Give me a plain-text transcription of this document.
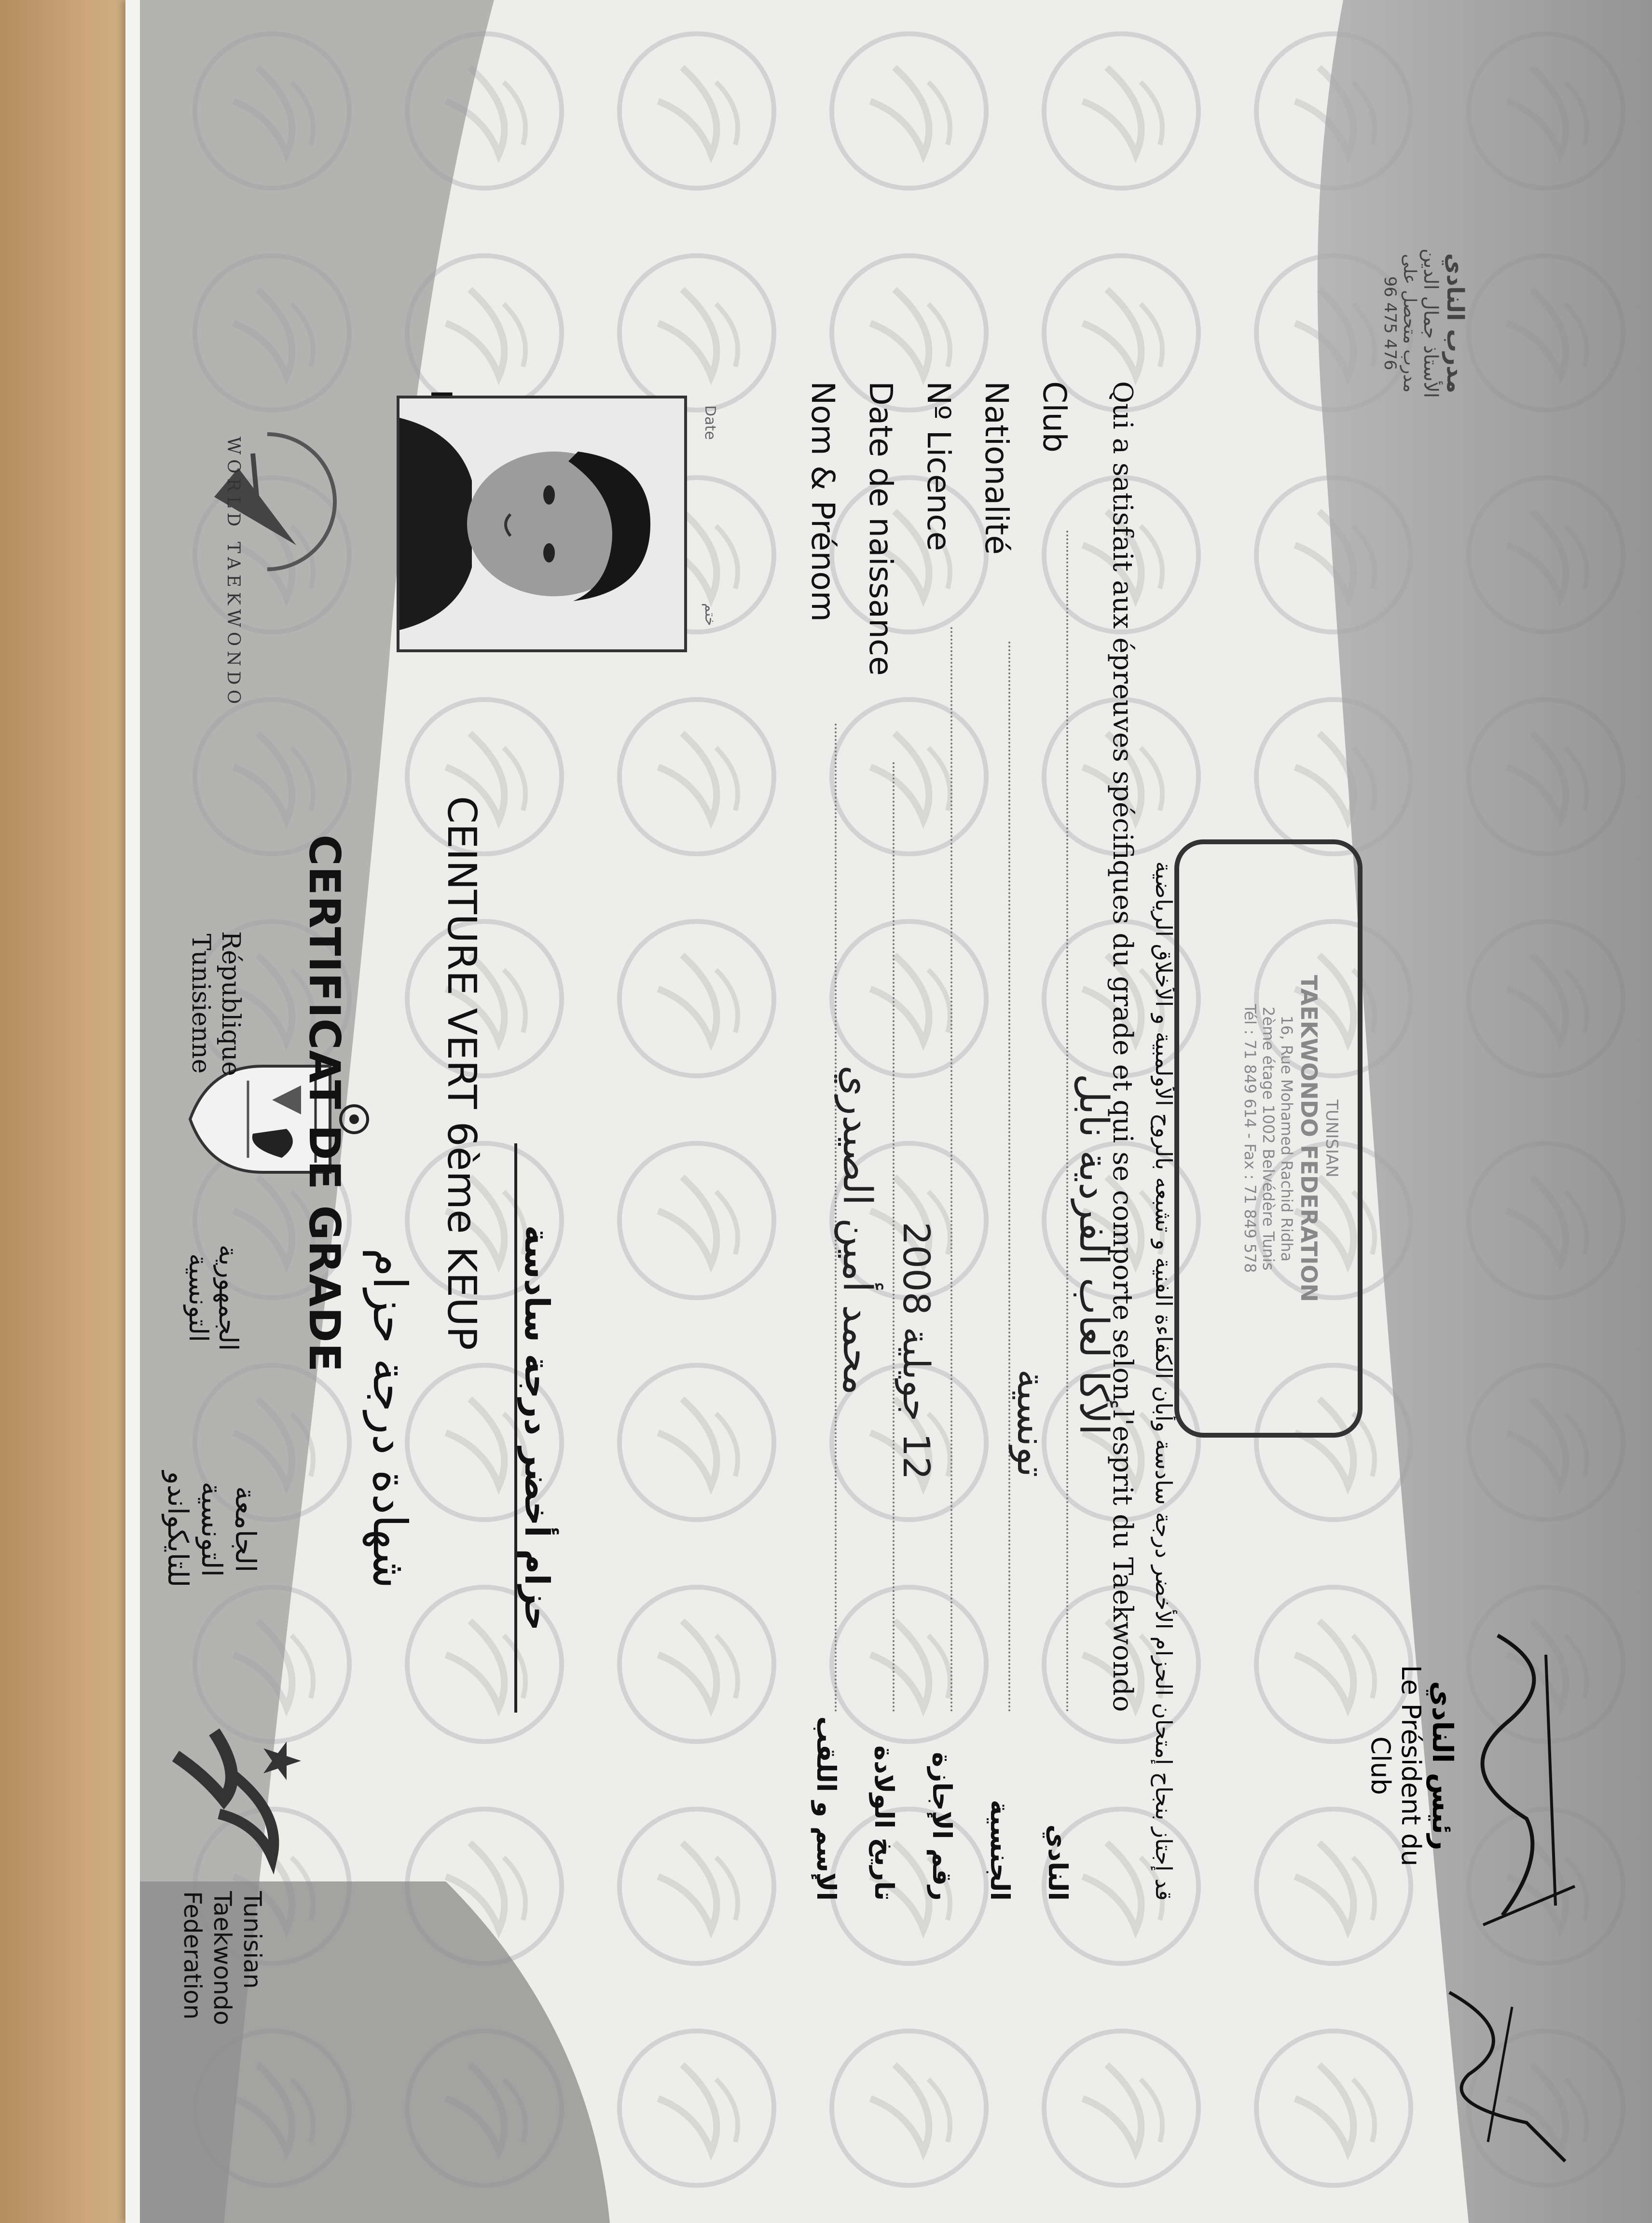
WORLD TAEKWONDO
République
Tunisienne
الجمهورية التونسية
الجامعة التونسية للتايكواندو
Tunisian
Taekwondo
Federation
CERTIFICAT DE GRADE
شهادة درجة حزام
CEINTURE VERT 6ème KEUP
حزام أخضر درجة سادسة
Date
ختم	Nom & Prénom
محمد أمين الصيدري
الإسم و اللقب
Date de naissance
12 جويلية 2008
تاريخ الولادة
Nº Licence
رقم الإجازة
Nationalité
تونسية
الجنسية
Club
الأكا لعاب الفردية نابل
النادي
Qui a satisfait aux épreuves spécifiques du grade et qui se comporte selon l'esprit du Taekwondo قد إجتاز بنجاح إمتحان الحزام الأخضر درجة سادسة وأبان الكفاءة الفنية و تشبعه بالروح الأولمبية و الأخلاق الرياضية	TUNISIAN
TAEKWONDO FEDERATION
16, Rue Mohamed Rachid Ridha
2ème étage 1002 Belvédère Tunis
Tél : 71 849 614 - Fax : 71 849 578
مدرب النادي
الأستاذ جمال الدين
مدرب متحصل على
96 475 476
رئيس النادي
Le Président du
Club
